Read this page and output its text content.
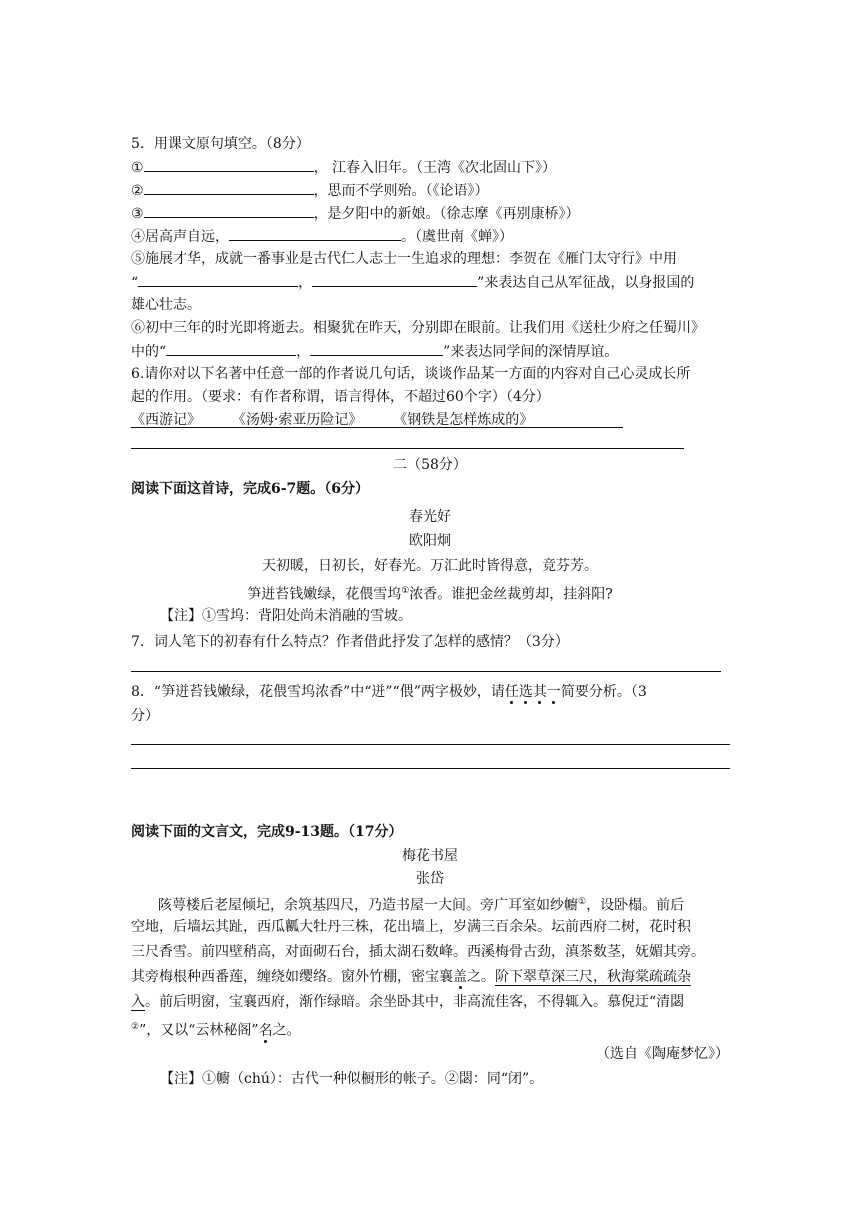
5．用课文原句填空。（8分）
①	， 江春入旧年。（王湾《次北固山下》）
②	，思而不学则殆。（《论语》）
③	，是夕阳中的新娘。（徐志摩《再别康桥》）
④居高声自远，	。（虞世南《蝉》）
⑤施展才华，成就一番事业是古代仁人志士一生追求的理想：李贺在《雁门太守行》中用
“	，	”来表达自己从军征战，以身报国的
雄心壮志。
⑥初中三年的时光即将逝去。相聚犹在昨天，分别即在眼前。让我们用《送杜少府之任蜀川》
中的“	，	”来表达同学间的深情厚谊。
6.请你对以下名著中任意一部的作者说几句话，谈谈作品某一方面的内容对自己心灵成长所
起的作用。（要求：有作者称谓，语言得体，不超过60个字）（4分）
《西游记》 《汤姆·索亚历险记》 《钢铁是怎样炼成的》
二（58分）
阅读下面这首诗，完成6-7题。（6分）
春光好
欧阳炯
天初暖，日初长，好春光。万汇此时皆得意，竞芬芳。
笋迸苔钱嫩绿，花偎雪坞①浓香。谁把金丝裁剪却，挂斜阳?
【注】①雪坞：背阳处尚未消融的雪坡。
7．词人笔下的初春有什么特点？作者借此抒发了怎样的感情？（3分）
8．“笋迸苔钱嫩绿，花偎雪坞浓香”中“迸”“偎”两字极妙，请任选其一简要分析。（3
分）
阅读下面的文言文，完成9-13题。（17分）
梅花书屋
张岱
陔萼楼后老屋倾圮，余筑基四尺，乃造书屋一大间。旁广耳室如纱幮①，设卧榻。前后
空地，后墙坛其趾，西瓜瓤大牡丹三株，花出墙上，岁满三百余朵。坛前西府二树，花时积
三尺香雪。前四壁稍高，对面砌石台，插太湖石数峰。西溪梅骨古劲，滇茶数茎，妩媚其旁。
其旁梅根种西番莲，缠绕如缨络。窗外竹棚，密宝襄盖之。阶下翠草深三尺，秋海棠疏疏杂
入。前后明窗，宝襄西府，渐作绿暗。余坐卧其中，非高流佳客，不得辄入。慕倪迂“清閟
②”，又以“云林秘阁”名之。
（选自《陶庵梦忆》）
【注】①幮（chú）：古代一种似橱形的帐子。②閟：同“闭”。
